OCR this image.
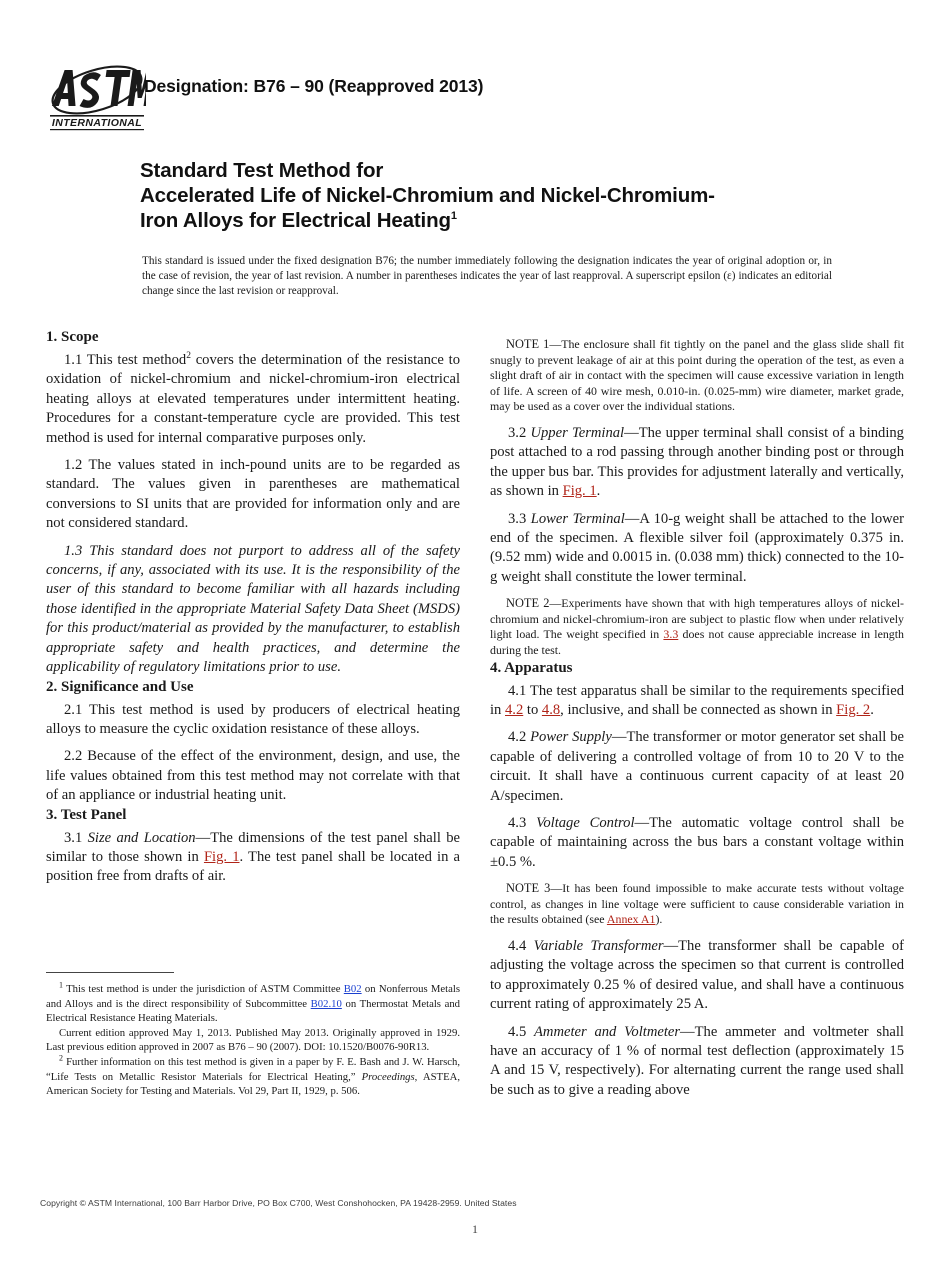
INTERNATIONAL
Designation: B76 – 90 (Reapproved 2013)
Standard Test Method for
Accelerated Life of Nickel-Chromium and Nickel-Chromium-
Iron Alloys for Electrical Heating$^1$
This standard is issued under the fixed designation B76; the number immediately following the designation indicates the year of original adoption or, in the case of revision, the year of last revision. A number in parentheses indicates the year of last reapproval. A superscript epsilon (ε) indicates an editorial change since the last revision or reapproval.
1. Scope

1.1 This test method$^2$ covers the determination of the resistance to oxidation of nickel-chromium and nickel-chromium-iron electrical heating alloys at elevated temperatures under intermittent heating. Procedures for a constant-temperature cycle are provided. This test method is used for internal comparative purposes only.

1.2 The values stated in inch-pound units are to be regarded as standard. The values given in parentheses are mathematical conversions to SI units that are provided for information only and are not considered standard.

1.3 This standard does not purport to address all of the safety concerns, if any, associated with its use. It is the responsibility of the user of this standard to become familiar with all hazards including those identified in the appropriate Material Safety Data Sheet (MSDS) for this product/material as provided by the manufacturer, to establish appropriate safety and health practices, and determine the applicability of regulatory limitations prior to use.

2. Significance and Use

2.1 This test method is used by producers of electrical heating alloys to measure the cyclic oxidation resistance of these alloys.

2.2 Because of the effect of the environment, design, and use, the life values obtained from this test method may not correlate with that of an appliance or industrial heating unit.

3. Test Panel

3.1 Size and Location—The dimensions of the test panel shall be similar to those shown in Fig. 1. The test panel shall be located in a position free from drafts of air.

NOTE 1—The enclosure shall fit tightly on the panel and the glass slide shall fit snugly to prevent leakage of air at this point during the operation of the test, as even a slight draft of air in contact with the specimen will cause excessive variation in length of life. A screen of 40 wire mesh, 0.010-in. (0.025-mm) wire diameter, market grade, may be used as a cover over the individual stations.

3.2 Upper Terminal—The upper terminal shall consist of a binding post attached to a rod passing through another binding post or through the upper bus bar. This provides for adjustment laterally and vertically, as shown in Fig. 1.

3.3 Lower Terminal—A 10-g weight shall be attached to the lower end of the specimen. A flexible silver foil (approximately 0.375 in. (9.52 mm) wide and 0.0015 in. (0.038 mm) thick) connected to the 10-g weight shall constitute the lower terminal.

NOTE 2—Experiments have shown that with high temperatures alloys of nickel-chromium and nickel-chromium-iron are subject to plastic flow when under relatively light load. The weight specified in 3.3 does not cause appreciable increase in length during the test.

4. Apparatus

4.1 The test apparatus shall be similar to the requirements specified in 4.2 to 4.8, inclusive, and shall be connected as shown in Fig. 2.

4.2 Power Supply—The transformer or motor generator set shall be capable of delivering a controlled voltage of from 10 to 20 V to the circuit. It shall have a continuous current capacity of at least 20 A/specimen.

4.3 Voltage Control—The automatic voltage control shall be capable of maintaining across the bus bars a constant voltage within ±0.5 %.

NOTE 3—It has been found impossible to make accurate tests without voltage control, as changes in line voltage were sufficient to cause considerable variation in the results obtained (see Annex A1).

4.4 Variable Transformer—The transformer shall be capable of adjusting the voltage across the specimen so that current is controlled to approximately 0.25 % of desired value, and shall have a continuous current rating of approximately 25 A.

4.5 Ammeter and Voltmeter—The ammeter and voltmeter shall have an accuracy of 1 % of normal test deflection (approximately 15 A and 15 V, respectively). For alternating current the range used shall be such as to give a reading above

$^1$ This test method is under the jurisdiction of ASTM Committee B02 on Nonferrous Metals and Alloys and is the direct responsibility of Subcommittee B02.10 on Thermostat Metals and Electrical Resistance Heating Materials.

Current edition approved May 1, 2013. Published May 2013. Originally approved in 1929. Last previous edition approved in 2007 as B76 – 90 (2007). DOI: 10.1520/B0076-90R13.

$^2$ Further information on this test method is given in a paper by F. E. Bash and J. W. Harsch, “Life Tests on Metallic Resistor Materials for Electrical Heating,” Proceedings, ASTEA, American Society for Testing and Materials. Vol 29, Part II, 1929, p. 506.

Copyright © ASTM International, 100 Barr Harbor Drive, PO Box C700, West Conshohocken, PA 19428-2959. United States
1
